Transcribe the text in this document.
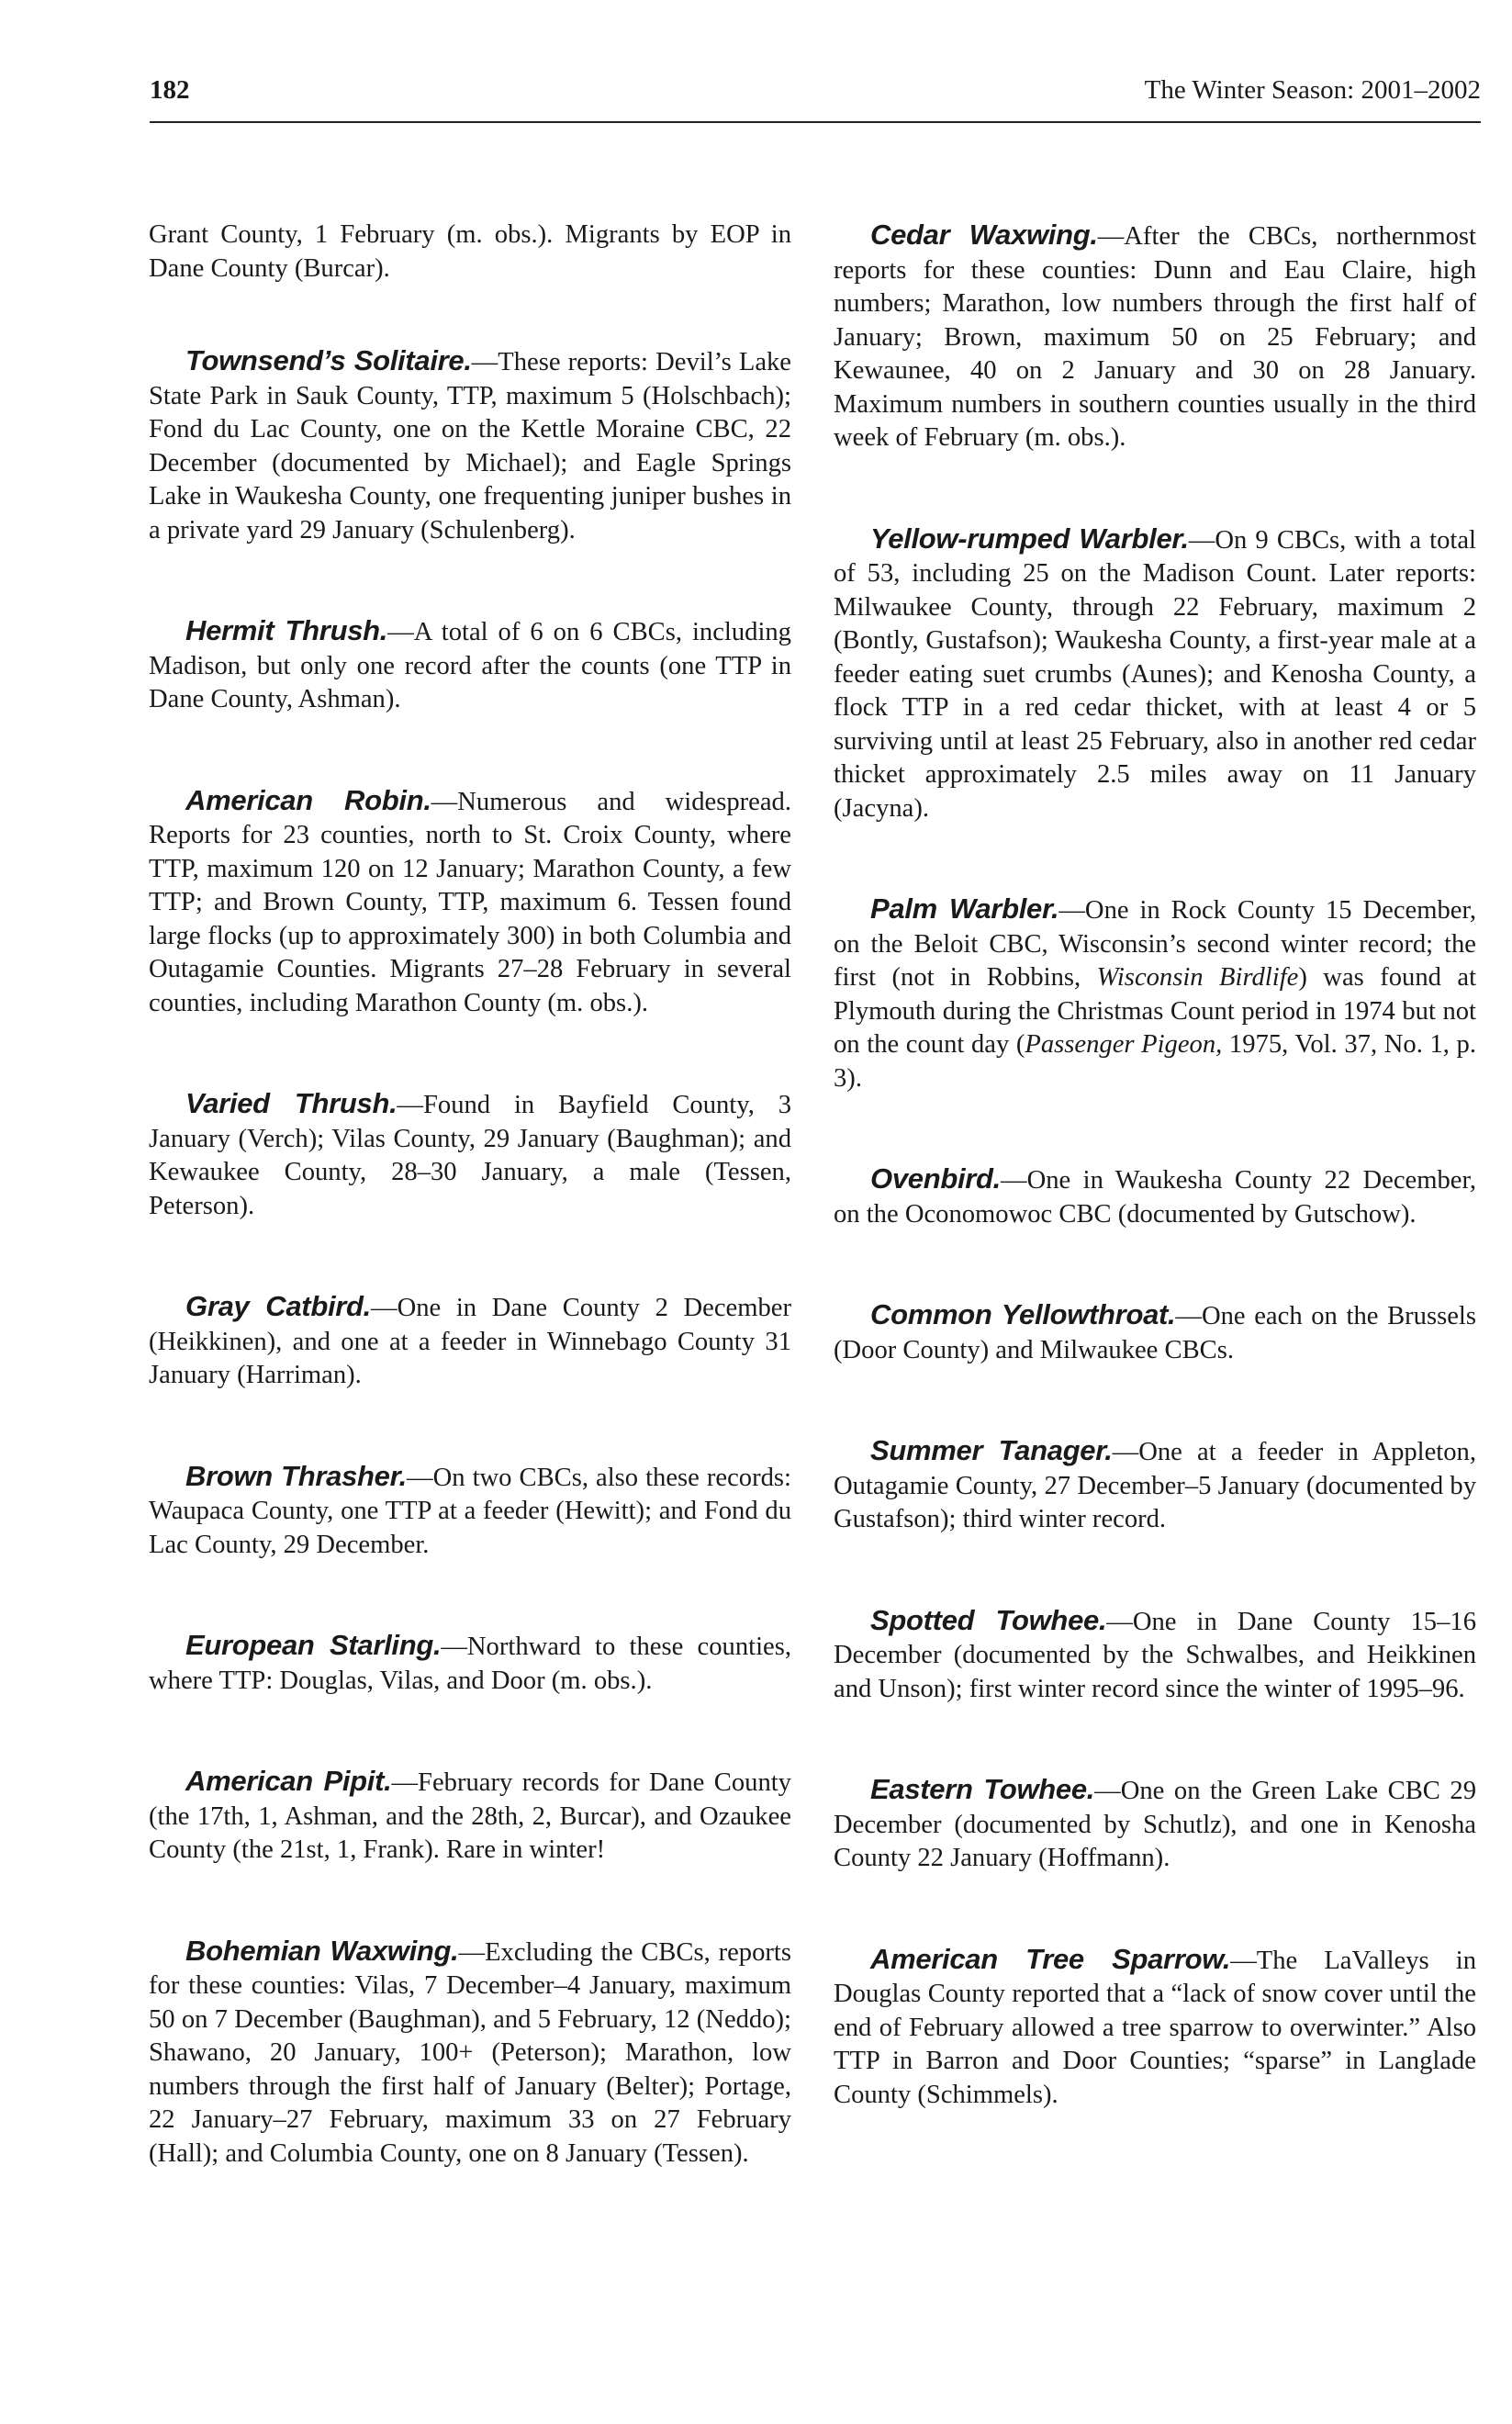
182	The Winter Season: 2001–2002

Grant County, 1 February (m. obs.). Migrants by EOP in Dane County (Burcar).

Townsend’s Solitaire.—These reports: Devil’s Lake State Park in Sauk County, TTP, maximum 5 (Holschbach); Fond du Lac County, one on the Kettle Moraine CBC, 22 December (documented by Michael); and Eagle Springs Lake in Waukesha County, one frequenting juniper bushes in a private yard 29 January (Schulenberg).

Hermit Thrush.—A total of 6 on 6 CBCs, including Madison, but only one record after the counts (one TTP in Dane County, Ashman).

American Robin.—Numerous and widespread. Reports for 23 counties, north to St. Croix County, where TTP, maximum 120 on 12 January; Marathon County, a few TTP; and Brown County, TTP, maximum 6. Tessen found large flocks (up to approximately 300) in both Columbia and Outagamie Counties. Migrants 27–28 February in several counties, including Marathon County (m. obs.).

Varied Thrush.—Found in Bayfield County, 3 January (Verch); Vilas County, 29 January (Baughman); and Kewaukee County, 28–30 January, a male (Tessen, Peterson).

Gray Catbird.—One in Dane County 2 December (Heikkinen), and one at a feeder in Winnebago County 31 January (Harriman).

Brown Thrasher.—On two CBCs, also these records: Waupaca County, one TTP at a feeder (Hewitt); and Fond du Lac County, 29 December.

European Starling.—Northward to these counties, where TTP: Douglas, Vilas, and Door (m. obs.).

American Pipit.—February records for Dane County (the 17th, 1, Ashman, and the 28th, 2, Burcar), and Ozaukee County (the 21st, 1, Frank). Rare in winter!

Bohemian Waxwing.—Excluding the CBCs, reports for these counties: Vilas, 7 December–4 January, maximum 50 on 7 December (Baughman), and 5 February, 12 (Neddo); Shawano, 20 January, 100+ (Peterson); Marathon, low numbers through the first half of January (Belter); Portage, 22 January–27 February, maximum 33 on 27 February (Hall); and Columbia County, one on 8 January (Tessen).

Cedar Waxwing.—After the CBCs, northernmost reports for these counties: Dunn and Eau Claire, high numbers; Marathon, low numbers through the first half of January; Brown, maximum 50 on 25 February; and Kewaunee, 40 on 2 January and 30 on 28 January. Maximum numbers in southern counties usually in the third week of February (m. obs.).

Yellow-rumped Warbler.—On 9 CBCs, with a total of 53, including 25 on the Madison Count. Later reports: Milwaukee County, through 22 February, maximum 2 (Bontly, Gustafson); Waukesha County, a first-year male at a feeder eating suet crumbs (Aunes); and Kenosha County, a flock TTP in a red cedar thicket, with at least 4 or 5 surviving until at least 25 February, also in another red cedar thicket approximately 2.5 miles away on 11 January (Jacyna).

Palm Warbler.—One in Rock County 15 December, on the Beloit CBC, Wisconsin’s second winter record; the first (not in Robbins, Wisconsin Birdlife) was found at Plymouth during the Christmas Count period in 1974 but not on the count day (Passenger Pigeon, 1975, Vol. 37, No. 1, p. 3).

Ovenbird.—One in Waukesha County 22 December, on the Oconomowoc CBC (documented by Gutschow).

Common Yellowthroat.—One each on the Brussels (Door County) and Milwaukee CBCs.

Summer Tanager.—One at a feeder in Appleton, Outagamie County, 27 December–5 January (documented by Gustafson); third winter record.

Spotted Towhee.—One in Dane County 15–16 December (documented by the Schwalbes, and Heikkinen and Unson); first winter record since the winter of 1995–96.

Eastern Towhee.—One on the Green Lake CBC 29 December (documented by Schutlz), and one in Kenosha County 22 January (Hoffmann).

American Tree Sparrow.—The LaValleys in Douglas County reported that a “lack of snow cover until the end of February allowed a tree sparrow to overwinter.” Also TTP in Barron and Door Counties; “sparse” in Langlade County (Schimmels).
